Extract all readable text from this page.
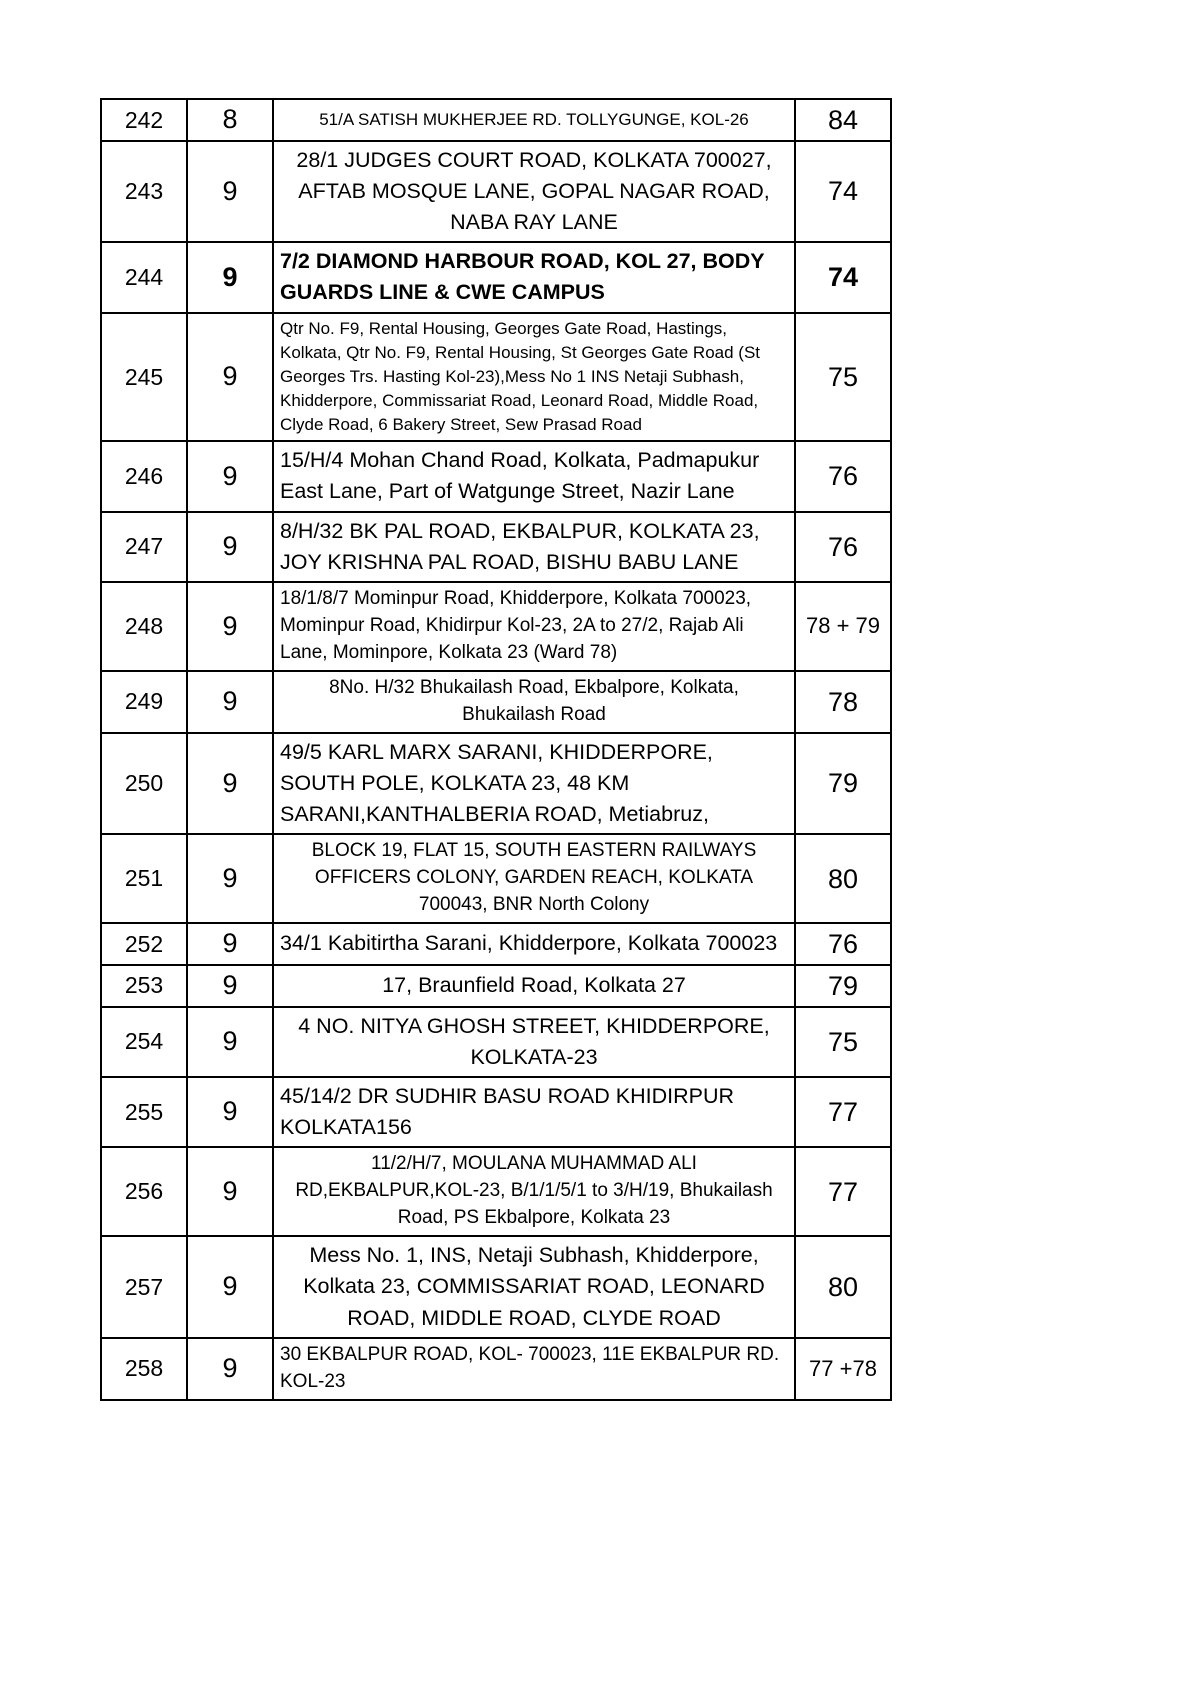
242	8	51/A SATISH MUKHERJEE RD. TOLLYGUNGE, KOL-26	84
243	9	28/1 JUDGES COURT ROAD, KOLKATA 700027, AFTAB MOSQUE LANE, GOPAL NAGAR ROAD, NABA RAY LANE	74
244	9	7/2 DIAMOND HARBOUR ROAD, KOL 27, BODY GUARDS LINE & CWE CAMPUS	74
245	9	Qtr No. F9, Rental Housing, Georges Gate Road, Hastings, Kolkata, Qtr No. F9, Rental Housing, St Georges Gate Road (St Georges Trs. Hasting Kol-23),Mess No 1 INS Netaji Subhash, Khidderpore, Commissariat Road, Leonard Road, Middle Road, Clyde Road, 6 Bakery Street, Sew Prasad Road	75
246	9	15/H/4 Mohan Chand Road, Kolkata, Padmapukur East Lane, Part of Watgunge Street, Nazir Lane	76
247	9	8/H/32 BK PAL ROAD, EKBALPUR, KOLKATA 23, JOY KRISHNA PAL ROAD, BISHU BABU LANE	76
248	9	18/1/8/7 Mominpur Road, Khidderpore, Kolkata 700023, Mominpur Road, Khidirpur Kol-23, 2A to 27/2, Rajab Ali Lane, Mominpore, Kolkata 23 (Ward 78)	78 + 79
249	9	8No. H/32 Bhukailash Road, Ekbalpore, Kolkata, Bhukailash Road	78
250	9	49/5 KARL MARX SARANI, KHIDDERPORE, SOUTH POLE, KOLKATA 23, 48 KM SARANI,KANTHALBERIA ROAD, Metiabruz,	79
251	9	BLOCK 19, FLAT 15, SOUTH EASTERN RAILWAYS OFFICERS COLONY, GARDEN REACH, KOLKATA 700043, BNR North Colony	80
252	9	34/1 Kabitirtha Sarani, Khidderpore, Kolkata 700023	76
253	9	17, Braunfield Road, Kolkata 27	79
254	9	4 NO. NITYA GHOSH STREET, KHIDDERPORE, KOLKATA-23	75
255	9	45/14/2 DR SUDHIR BASU ROAD KHIDIRPUR KOLKATA156	77
256	9	11/2/H/7, MOULANA MUHAMMAD ALI RD,EKBALPUR,KOL-23, B/1/1/5/1 to 3/H/19, Bhukailash Road, PS Ekbalpore, Kolkata 23	77
257	9	Mess No. 1, INS, Netaji Subhash, Khidderpore, Kolkata 23, COMMISSARIAT ROAD, LEONARD ROAD, MIDDLE ROAD, CLYDE ROAD	80
258	9	30 EKBALPUR ROAD, KOL- 700023, 11E EKBALPUR RD. KOL-23	77 +78
